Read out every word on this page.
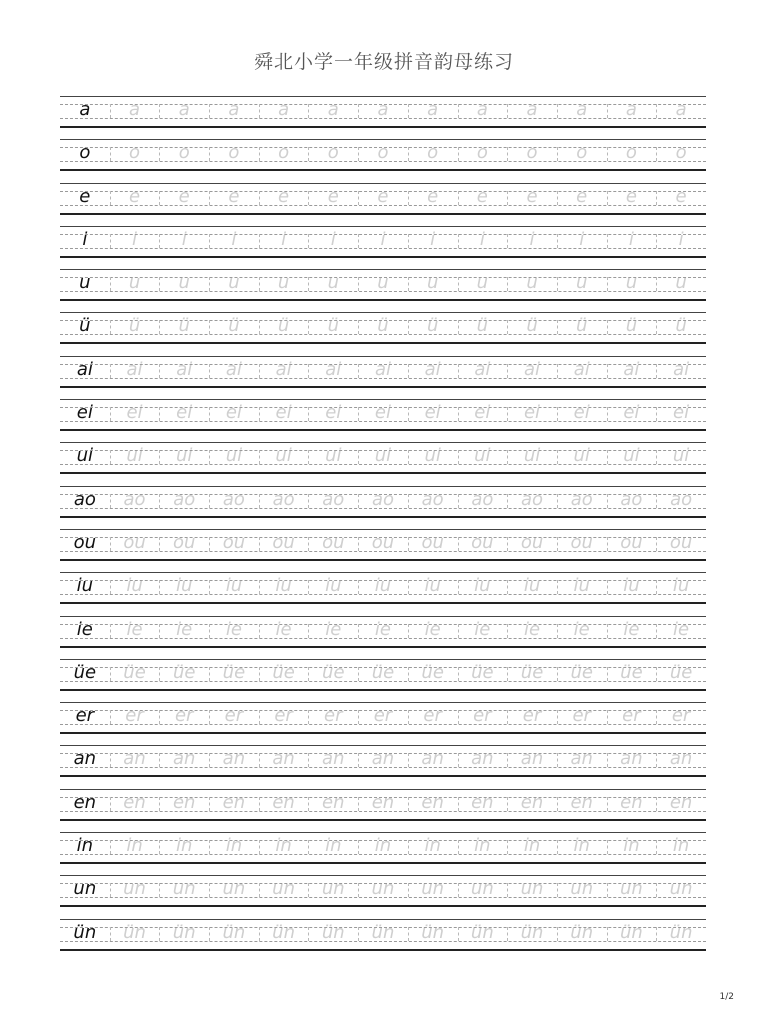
舜北小学一年级拼音韵母练习
a	a	a	a	a	a	a	a	a	a	a	a	a
o	o	o	o	o	o	o	o	o	o	o	o	o
e	e	e	e	e	e	e	e	e	e	e	e	e
i	i	i	i	i	i	i	i	i	i	i	i	i
u	u	u	u	u	u	u	u	u	u	u	u	u
ü	ü	ü	ü	ü	ü	ü	ü	ü	ü	ü	ü	ü
ai	ai	ai	ai	ai	ai	ai	ai	ai	ai	ai	ai	ai
ei	ei	ei	ei	ei	ei	ei	ei	ei	ei	ei	ei	ei
ui	ui	ui	ui	ui	ui	ui	ui	ui	ui	ui	ui	ui
ao	ao	ao	ao	ao	ao	ao	ao	ao	ao	ao	ao	ao
ou	ou	ou	ou	ou	ou	ou	ou	ou	ou	ou	ou	ou
iu	iu	iu	iu	iu	iu	iu	iu	iu	iu	iu	iu	iu
ie	ie	ie	ie	ie	ie	ie	ie	ie	ie	ie	ie	ie
üe	üe	üe	üe	üe	üe	üe	üe	üe	üe	üe	üe	üe
er	er	er	er	er	er	er	er	er	er	er	er	er
an	an	an	an	an	an	an	an	an	an	an	an	an
en	en	en	en	en	en	en	en	en	en	en	en	en
in	in	in	in	in	in	in	in	in	in	in	in	in
un	un	un	un	un	un	un	un	un	un	un	un	un
ün	ün	ün	ün	ün	ün	ün	ün	ün	ün	ün	ün	ün
1/2
